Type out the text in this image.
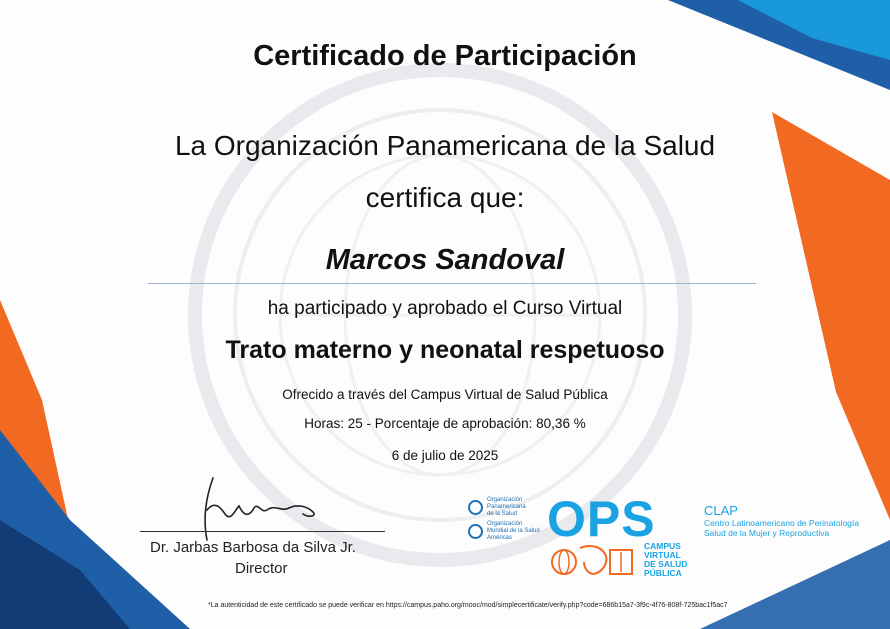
Certificado de Participación
La Organización Panamericana de la Salud
certifica que:
Marcos Sandoval
ha participado y aprobado el Curso Virtual
Trato materno y neonatal respetuoso
Ofrecido a través del Campus Virtual de Salud Pública
Horas: 25 - Porcentaje de aprobación: 80,36 %
6 de julio de 2025
Dr. Jarbas Barbosa da Silva Jr.
Director
Organización
Panamericana
de la Salud
Organización
Mundial de la Salud
Américas OPS	CLAP
Centro Latinoamericano de Perinatología
Salud de la Mujer y Reproductiva
CAMPUS
VIRTUAL
DE SALUD
PÚBLICA
*La autenticidad de este certificado se puede verificar en https://campus.paho.org/mooc/mod/simplecertificate/verify.php?code=686b15a7-3f9c-4f76-808f-725bac1f5ac7
